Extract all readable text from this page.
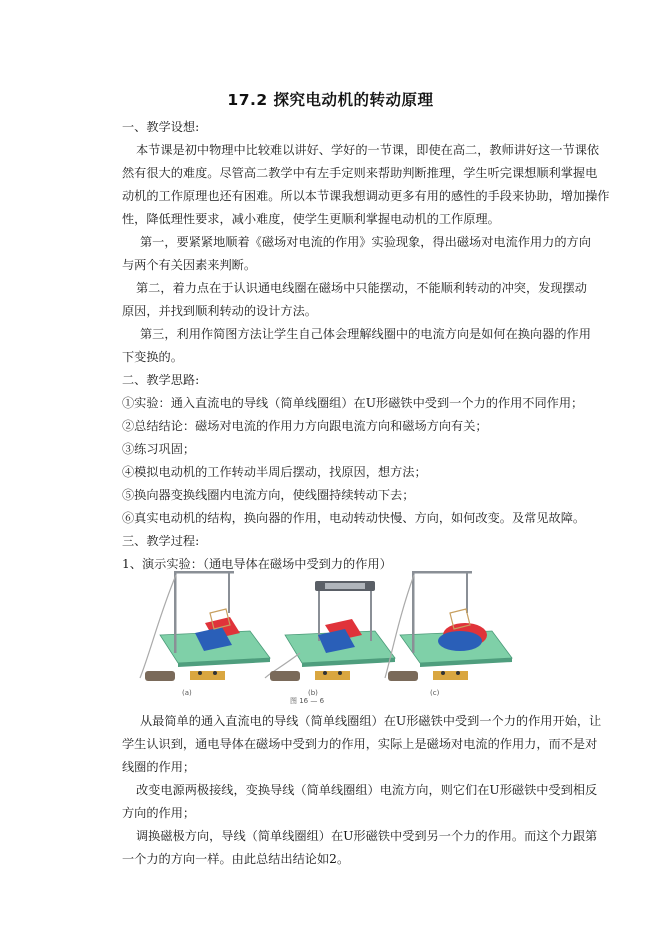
17.2 探究电动机的转动原理
一、教学设想:
本节课是初中物理中比较难以讲好、学好的一节课，即使在高二，教师讲好这一节课依
然有很大的难度。尽管高二教学中有左手定则来帮助判断推理，学生听完课想顺利掌握电
动机的工作原理也还有困难。所以本节课我想调动更多有用的感性的手段来协助，增加操作
性，降低理性要求，减小难度，使学生更顺利掌握电动机的工作原理。
第一，要紧紧地顺着《磁场对电流的作用》实验现象，得出磁场对电流作用力的方向
与两个有关因素来判断。
第二，着力点在于认识通电线圈在磁场中只能摆动，不能顺利转动的冲突，发现摆动
原因，并找到顺利转动的设计方法。
第三，利用作简图方法让学生自己体会理解线圈中的电流方向是如何在换向器的作用
下变换的。
二、教学思路:
①实验：通入直流电的导线（简单线圈组）在U形磁铁中受到一个力的作用不同作用；
②总结结论：磁场对电流的作用力方向跟电流方向和磁场方向有关；
③练习巩固；
④模拟电动机的工作转动半周后摆动，找原因，想方法；
⑤换向器变换线圈内电流方向，使线圈持续转动下去；
⑥真实电动机的结构，换向器的作用，电动转动快慢、方向，如何改变。及常见故障。
三、教学过程:
1、演示实验：（通电导体在磁场中受到力的作用）
(a)	(b)	(c)
图 16 — 6
从最简单的通入直流电的导线（简单线圈组）在U形磁铁中受到一个力的作用开始，让
学生认识到，通电导体在磁场中受到力的作用，实际上是磁场对电流的作用力，而不是对
线圈的作用；
改变电源两极接线，变换导线（简单线圈组）电流方向，则它们在U形磁铁中受到相反
方向的作用；
调换磁极方向，导线（简单线圈组）在U形磁铁中受到另一个力的作用。而这个力跟第
一个力的方向一样。由此总结出结论如2。
